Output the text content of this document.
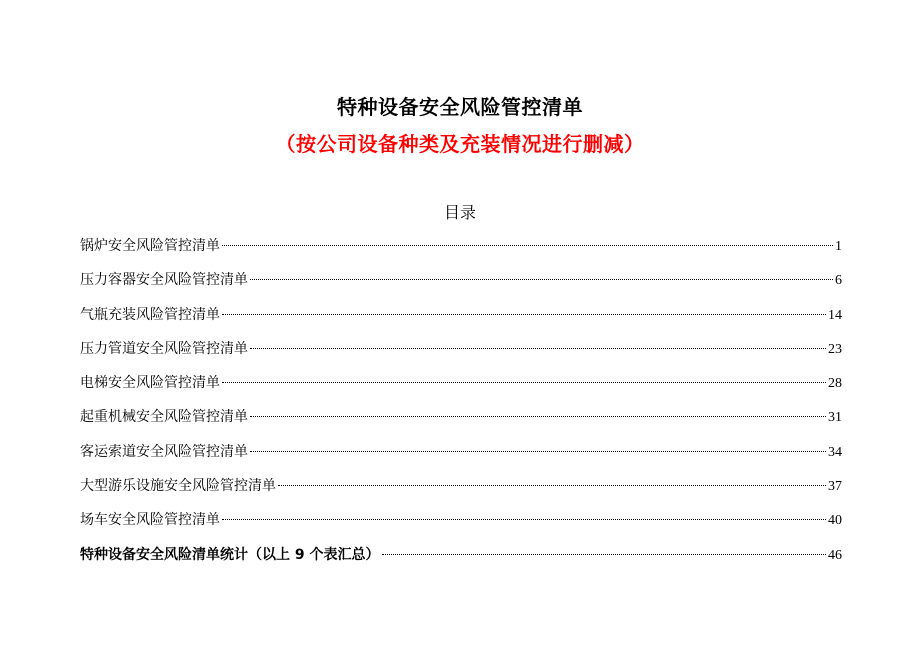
特种设备安全风险管控清单
（按公司设备种类及充装情况进行删减）
目录
锅炉安全风险管控清单	1
压力容器安全风险管控清单	6
气瓶充装风险管控清单	14
压力管道安全风险管控清单	23
电梯安全风险管控清单	28
起重机械安全风险管控清单	31
客运索道安全风险管控清单	34
大型游乐设施安全风险管控清单	37
场车安全风险管控清单	40
特种设备安全风险清单统计（以上 9 个表汇总）	46
